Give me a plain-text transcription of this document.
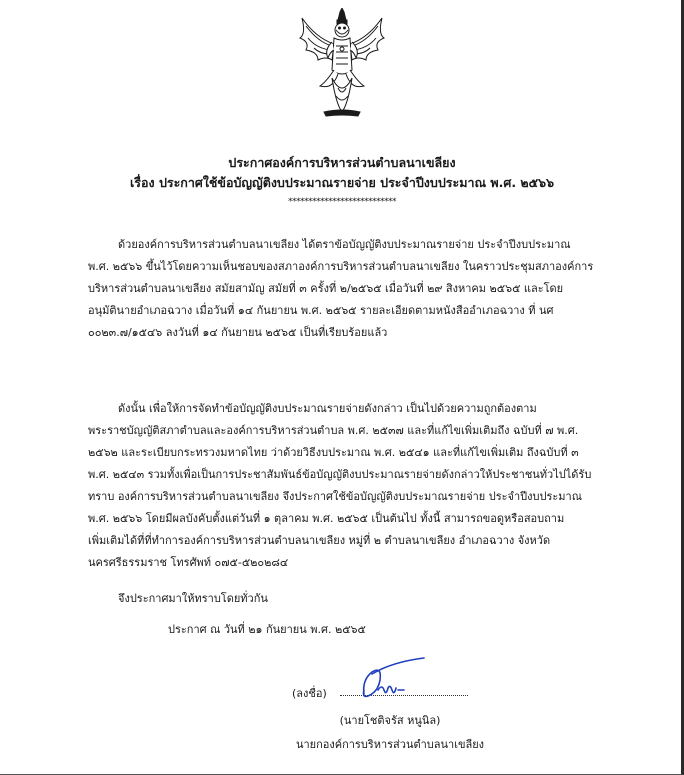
ประกาศองค์การบริหารส่วนตำบลนาเขลียง
เรื่อง ประกาศใช้ข้อบัญญัติงบประมาณรายจ่าย ประจำปีงบประมาณ พ.ศ. ๒๕๖๖
***************************
ด้วยองค์การบริหารส่วนตำบลนาเขลียง ได้ตราข้อบัญญัติงบประมาณรายจ่าย ประจำปีงบประมาณ
พ.ศ. ๒๕๖๖ ขึ้นไว้โดยความเห็นชอบของสภาองค์การบริหารส่วนตำบลนาเขลียง ในคราวประชุมสภาองค์การ
บริหารส่วนตำบลนาเขลียง สมัยสามัญ สมัยที่ ๓ ครั้งที่ ๒/๒๕๖๕ เมื่อวันที่ ๒๙ สิงหาคม ๒๕๖๕ และโดย
อนุมัตินายอำเภอฉวาง เมื่อวันที่ ๑๔ กันยายน พ.ศ. ๒๕๖๕ รายละเอียดตามหนังสืออำเภอฉวาง ที่ นศ
๐๐๒๓.๗/๑๕๔๖ ลงวันที่ ๑๔ กันยายน ๒๕๖๕ เป็นที่เรียบร้อยแล้ว
ดังนั้น เพื่อให้การจัดทำข้อบัญญัติงบประมาณรายจ่ายดังกล่าว เป็นไปด้วยความถูกต้องตาม
พระราชบัญญัติสภาตำบลและองค์การบริหารส่วนตำบล พ.ศ. ๒๕๓๗ และที่แก้ไขเพิ่มเติมถึง ฉบับที่ ๗ พ.ศ.
๒๕๖๒ และระเบียบกระทรวงมหาดไทย ว่าด้วยวิธีงบประมาณ พ.ศ. ๒๕๔๑ และที่แก้ไขเพิ่มเติม ถึงฉบับที่ ๓
พ.ศ. ๒๕๔๓ รวมทั้งเพื่อเป็นการประชาสัมพันธ์ข้อบัญญัติงบประมาณรายจ่ายดังกล่าวให้ประชาชนทั่วไปได้รับ
ทราบ องค์การบริหารส่วนตำบลนาเขลียง จึงประกาศใช้ข้อบัญญัติงบประมาณรายจ่าย ประจำปีงบประมาณ
พ.ศ. ๒๕๖๖ โดยมีผลบังคับตั้งแต่วันที่ ๑ ตุลาคม พ.ศ. ๒๕๖๕ เป็นต้นไป ทั้งนี้ สามารถขอดูหรือสอบถาม
เพิ่มเติมได้ที่ที่ทำการองค์การบริหารส่วนตำบลนาเขลียง หมู่ที่ ๒ ตำบลนาเขลียง อำเภอฉวาง จังหวัด
นครศรีธรรมราช โทรศัพท์ ๐๗๕-๕๒๐๒๘๔
จึงประกาศมาให้ทราบโดยทั่วกัน
ประกาศ ณ วันที่ ๒๑ กันยายน พ.ศ. ๒๕๖๕
(ลงชื่อ)
(นายโชติจรัส หนูนิล)
นายกองค์การบริหารส่วนตำบลนาเขลียง
